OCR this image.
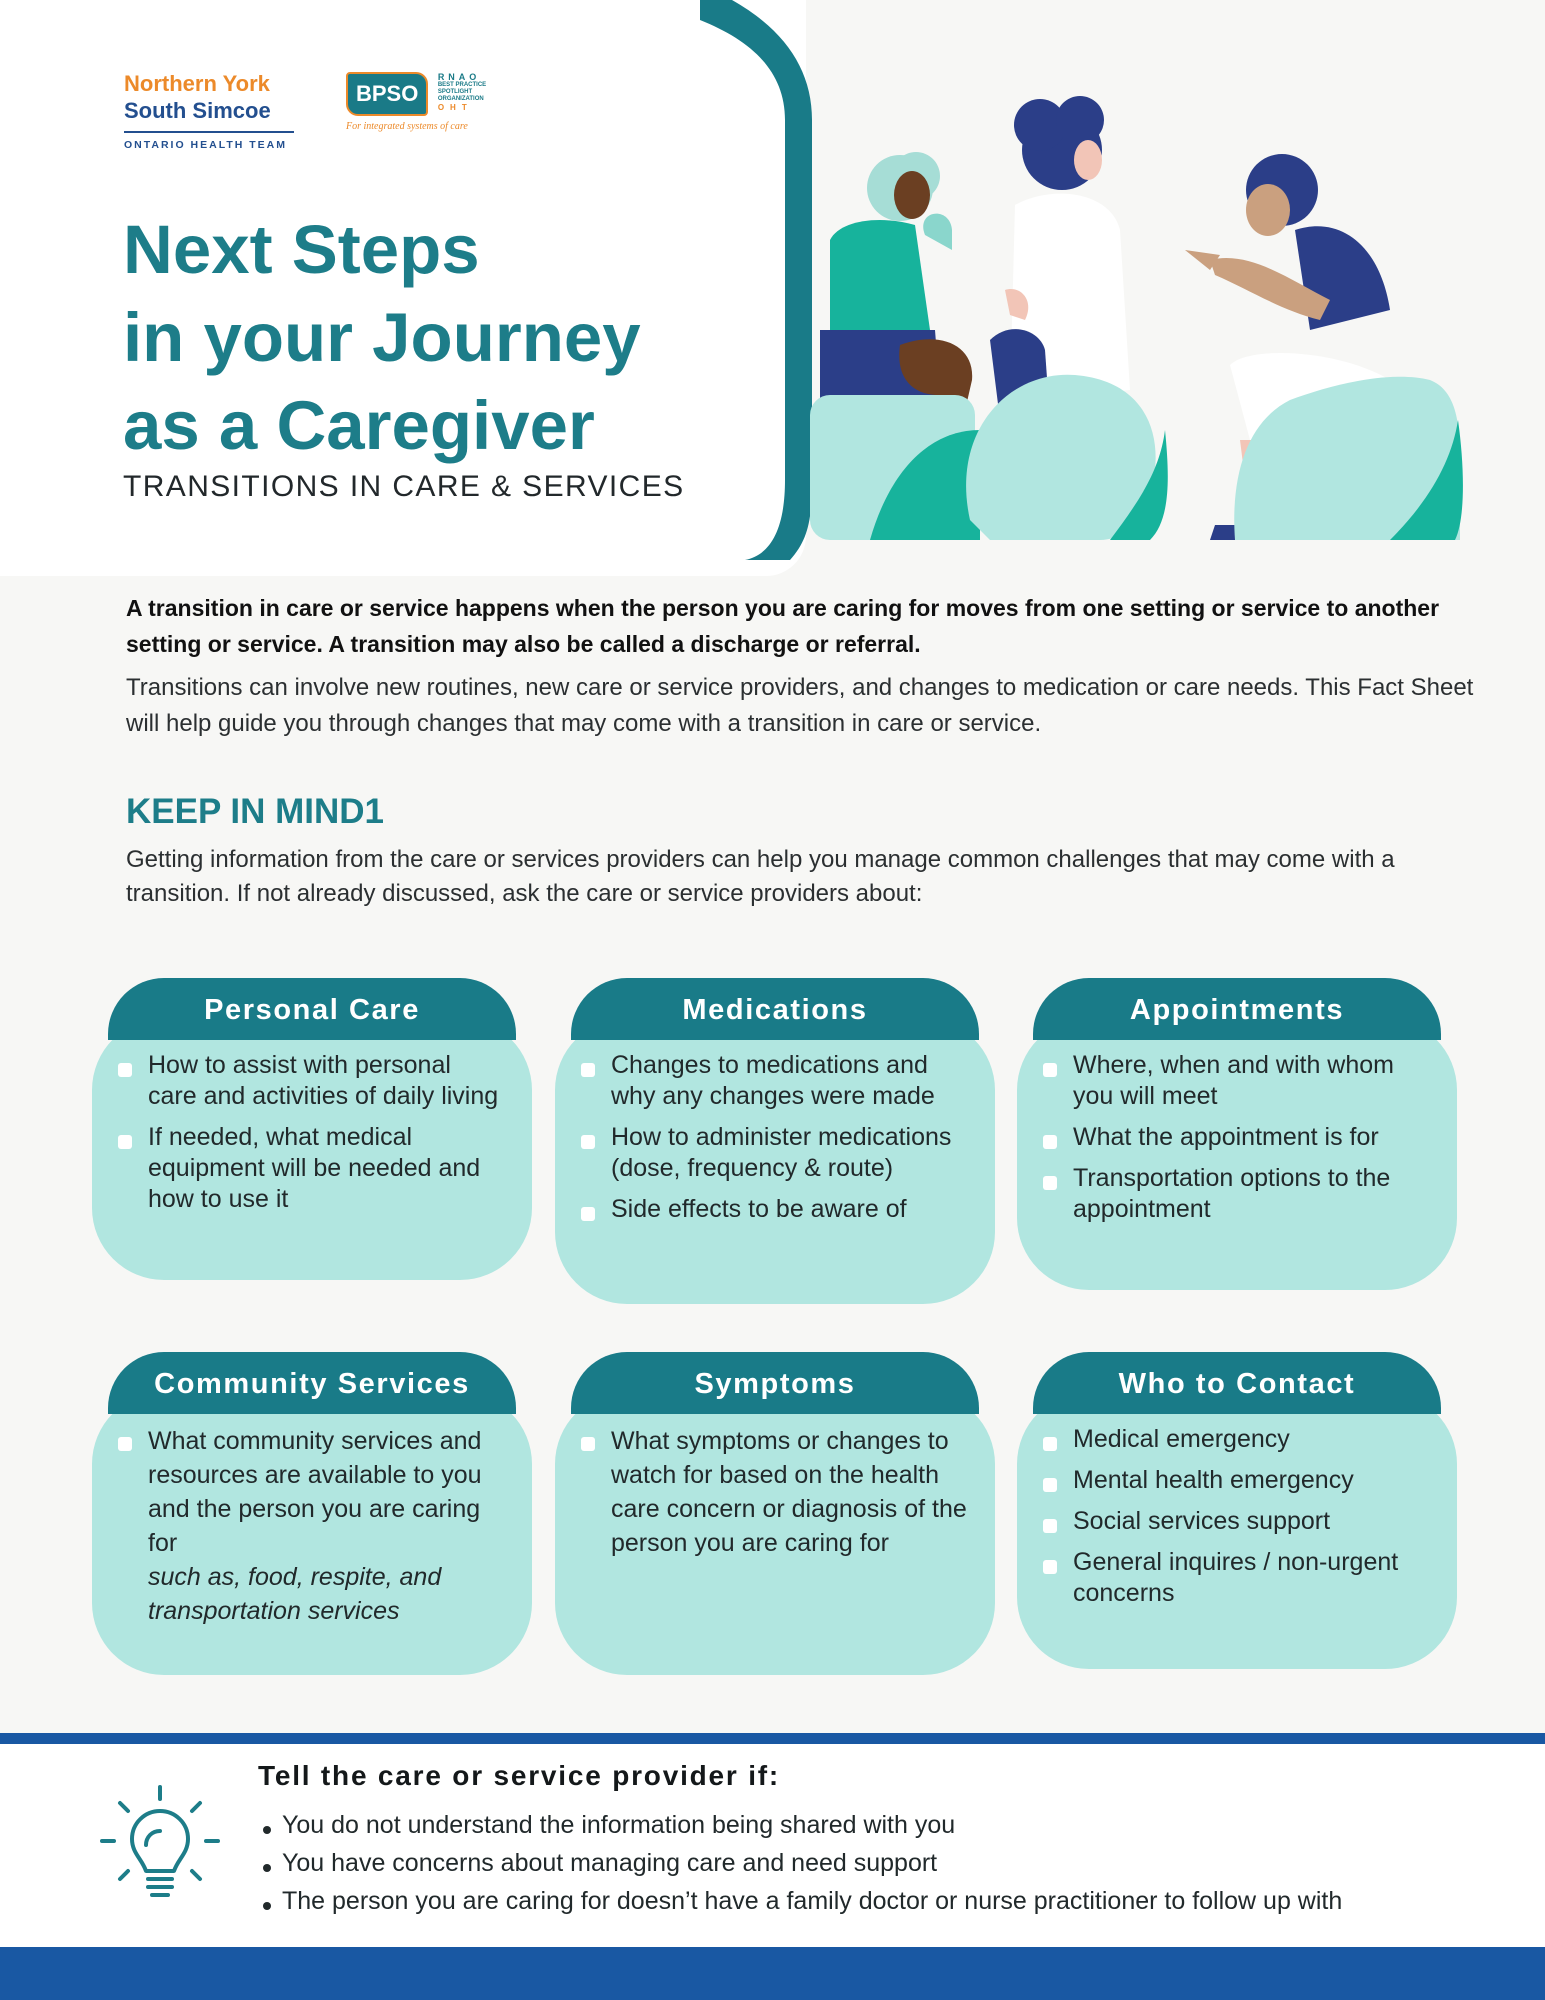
Northern York
South Simcoe
ONTARIO HEALTH TEAM
BPSO
RNAO
BEST PRACTICE
SPOTLIGHT
ORGANIZATION
OHT
For integrated systems of care
Next Steps
in your Journey
as a Caregiver
TRANSITIONS IN CARE & SERVICES

A transition in care or service happens when the person you are caring for moves from one setting or service to another setting or service. A transition may also be called a discharge or referral.

Transitions can involve new routines, new care or service providers, and changes to medication or care needs. This Fact Sheet will help guide you through changes that may come with a transition in care or service.

KEEP IN MIND1

Getting information from the care or services providers can help you manage common challenges that may come with a transition. If not already discussed, ask the care or service providers about:

Personal Care
How to assist with personal care and activities of daily living
If needed, what medical equipment will be needed and how to use it
Medications
Changes to medications and why any changes were made
How to administer medications (dose, frequency & route)
Side effects to be aware of
Appointments
Where, when and with whom you will meet
What the appointment is for
Transportation options to the appointment
Community Services
What community services and resources are available to you and the person you are caring for
such as, food, respite, and transportation services
Symptoms
What symptoms or changes to watch for based on the health care concern or diagnosis of the person you are caring for
Who to Contact
Medical emergency
Mental health emergency
Social services support
General inquires / non-urgent concerns
Tell the care or service provider if:
You do not understand the information being shared with you
You have concerns about managing care and need support
The person you are caring for doesn’t have a family doctor or nurse practitioner to follow up with
